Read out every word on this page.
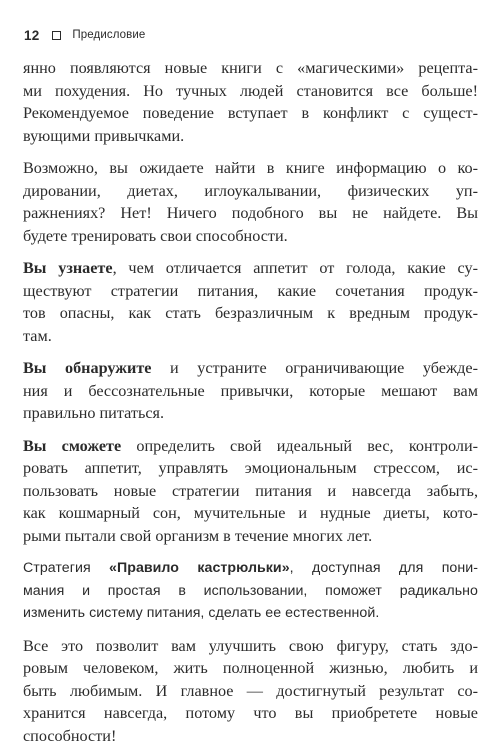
12	Предисловие

янно появляются новые книги с «магическими» рецепта-
ми похудения. Но тучных людей становится все больше!
Рекомендуемое поведение вступает в конфликт с сущест-
вующими привычками.

Возможно, вы ожидаете найти в книге информацию о ко-
дировании, диетах, иглоукалывании, физических уп-
ражнениях? Нет! Ничего подобного вы не найдете. Вы
будете тренировать свои способности.

Вы узнаете, чем отличается аппетит от голода, какие су-
ществуют стратегии питания, какие сочетания продук-
тов опасны, как стать безразличным к вредным продук-
там.

Вы обнаружите и устраните ограничивающие убежде-
ния и бессознательные привычки, которые мешают вам
правильно питаться.

Вы сможете определить свой идеальный вес, контроли-
ровать аппетит, управлять эмоциональным стрессом, ис-
пользовать новые стратегии питания и навсегда забыть,
как кошмарный сон, мучительные и нудные диеты, кото-
рыми пытали свой организм в течение многих лет.

Стратегия «Правило кастрюльки», доступная для пони-
мания и простая в использовании, поможет радикально
изменить систему питания, сделать ее естественной.

Все это позволит вам улучшить свою фигуру, стать здо-
ровым человеком, жить полноценной жизнью, любить и
быть любимым. И главное — достигнутый результат со-
хранится навсегда, потому что вы приобретете новые
способности!
